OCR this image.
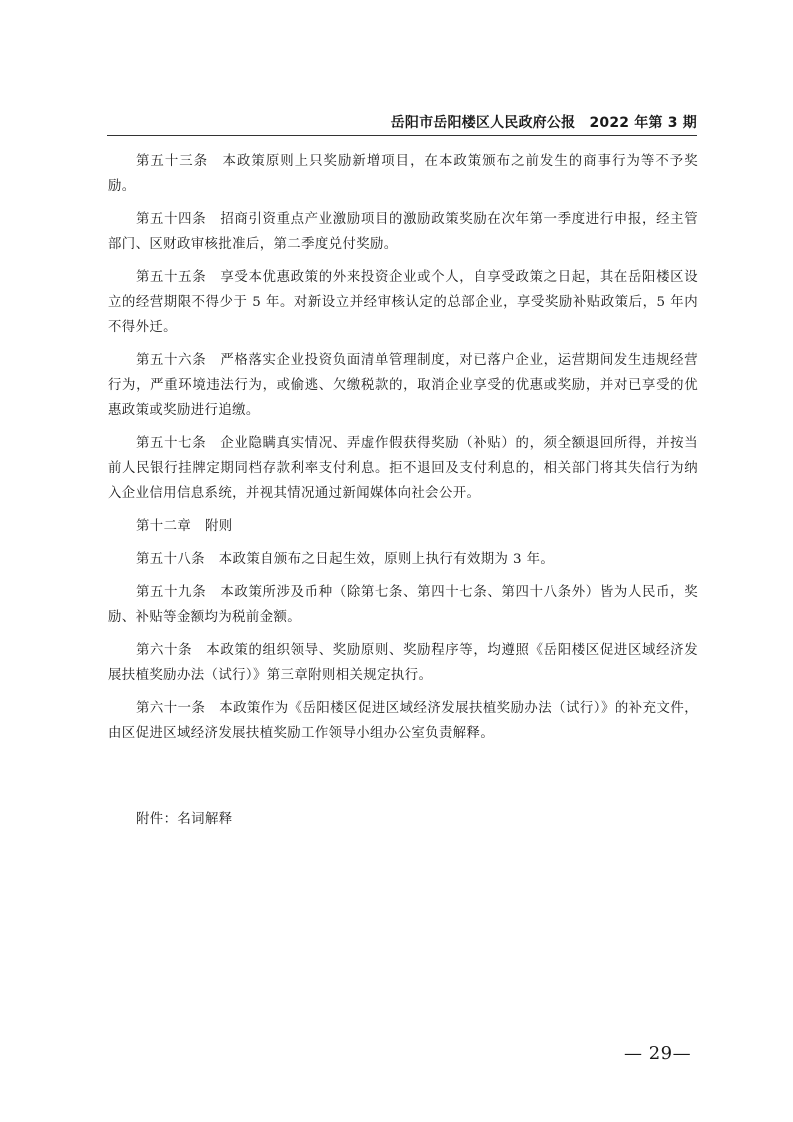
岳阳市岳阳楼区人民政府公报　2022 年第 3 期

第五十三条　本政策原则上只奖励新增项目，在本政策颁布之前发生的商事行为等不予奖励。

第五十四条　招商引资重点产业激励项目的激励政策奖励在次年第一季度进行申报，经主管部门、区财政审核批准后，第二季度兑付奖励。

第五十五条　享受本优惠政策的外来投资企业或个人，自享受政策之日起，其在岳阳楼区设立的经营期限不得少于 5 年。对新设立并经审核认定的总部企业，享受奖励补贴政策后，5 年内不得外迁。

第五十六条　严格落实企业投资负面清单管理制度，对已落户企业，运营期间发生违规经营行为，严重环境违法行为，或偷逃、欠缴税款的，取消企业享受的优惠或奖励，并对已享受的优惠政策或奖励进行追缴。

第五十七条　企业隐瞒真实情况、弄虚作假获得奖励（补贴）的，须全额退回所得，并按当前人民银行挂牌定期同档存款利率支付利息。拒不退回及支付利息的，相关部门将其失信行为纳入企业信用信息系统，并视其情况通过新闻媒体向社会公开。

第十二章　附则

第五十八条　本政策自颁布之日起生效，原则上执行有效期为 3 年。

第五十九条　本政策所涉及币种（除第七条、第四十七条、第四十八条外）皆为人民币，奖励、补贴等金额均为税前金额。

第六十条　本政策的组织领导、奖励原则、奖励程序等，均遵照《岳阳楼区促进区域经济发展扶植奖励办法（试行）》第三章附则相关规定执行。

第六十一条　本政策作为《岳阳楼区促进区域经济发展扶植奖励办法（试行）》的补充文件，由区促进区域经济发展扶植奖励工作领导小组办公室负责解释。

附件：名词解释
— 29—
